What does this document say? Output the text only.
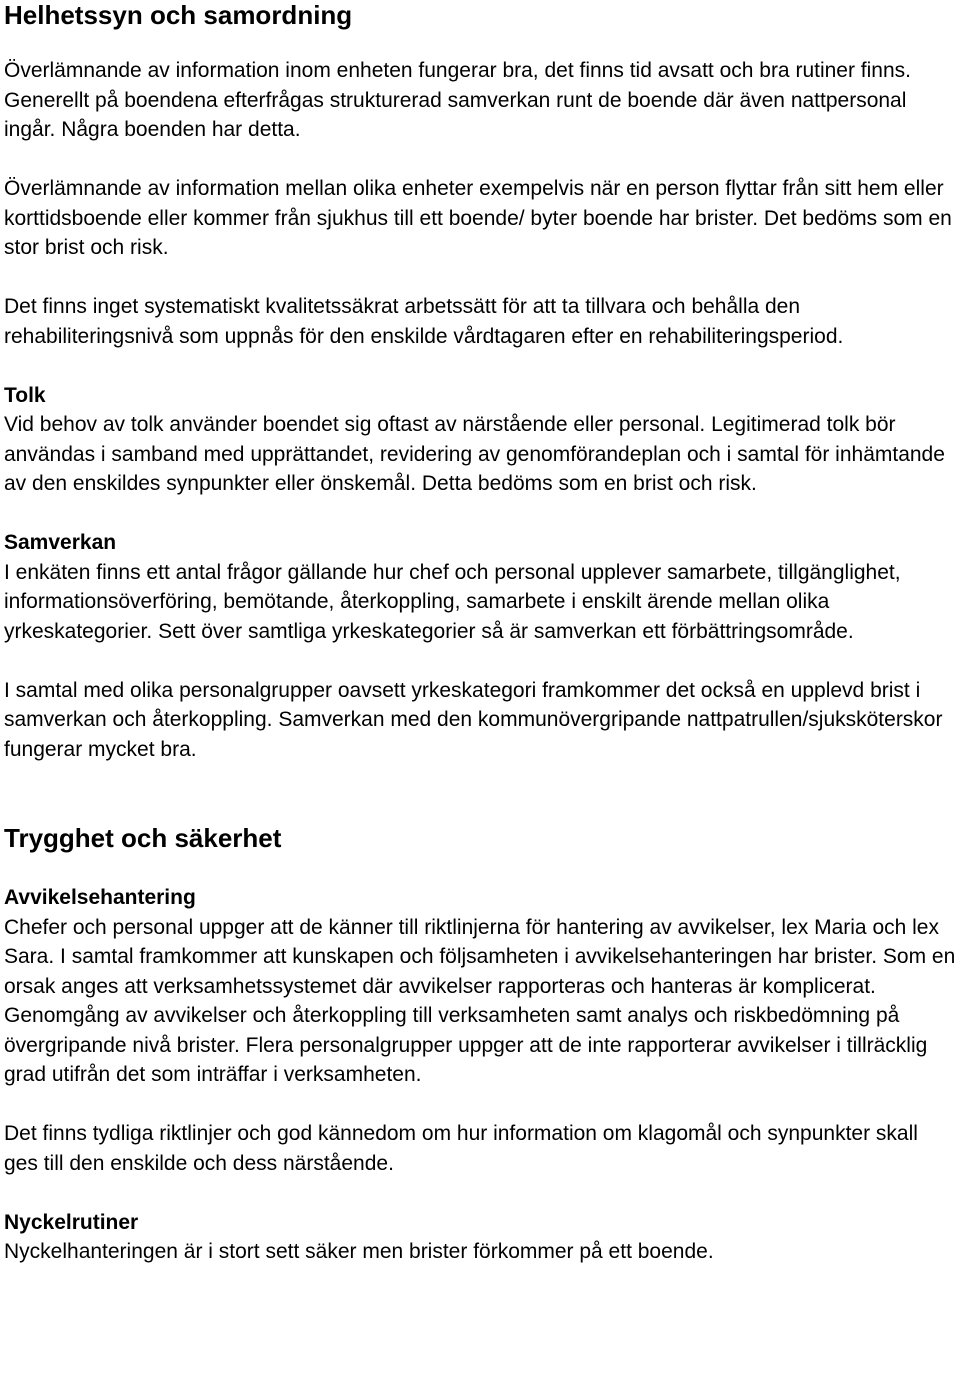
Helhetssyn och samordning

Överlämnande av information inom enheten fungerar bra, det finns tid avsatt och bra rutiner finns. Generellt på boendena efterfrågas strukturerad samverkan runt de boende där även nattpersonal ingår. Några boenden har detta.

Överlämnande av information mellan olika enheter exempelvis när en person flyttar från sitt hem eller korttidsboende eller kommer från sjukhus till ett boende/ byter boende har brister. Det bedöms som en stor brist och risk.

Det finns inget systematiskt kvalitetssäkrat arbetssätt för att ta tillvara och behålla den rehabiliteringsnivå som uppnås för den enskilde vårdtagaren efter en rehabiliteringsperiod.

Tolk

Vid behov av tolk använder boendet sig oftast av närstående eller personal. Legitimerad tolk bör användas i samband med upprättandet, revidering av genomförandeplan och i samtal för inhämtande av den enskildes synpunkter eller önskemål. Detta bedöms som en brist och risk.

Samverkan

I enkäten finns ett antal frågor gällande hur chef och personal upplever samarbete, tillgänglighet, informationsöverföring, bemötande, återkoppling, samarbete i enskilt ärende mellan olika yrkeskategorier. Sett över samtliga yrkeskategorier så är samverkan ett förbättringsområde.

I samtal med olika personalgrupper oavsett yrkeskategori framkommer det också en upplevd brist i samverkan och återkoppling. Samverkan med den kommunövergripande nattpatrullen/sjuksköterskor fungerar mycket bra.

Trygghet och säkerhet
Avvikelsehantering

Chefer och personal uppger att de känner till riktlinjerna för hantering av avvikelser, lex Maria och lex Sara. I samtal framkommer att kunskapen och följsamheten i avvikelsehanteringen har brister. Som en orsak anges att verksamhetssystemet där avvikelser rapporteras och hanteras är komplicerat. Genomgång av avvikelser och återkoppling till verksamheten samt analys och riskbedömning på övergripande nivå brister. Flera personalgrupper uppger att de inte rapporterar avvikelser i tillräcklig grad utifrån det som inträffar i verksamheten.

Det finns tydliga riktlinjer och god kännedom om hur information om klagomål och synpunkter skall ges till den enskilde och dess närstående.

Nyckelrutiner

Nyckelhanteringen är i stort sett säker men brister förkommer på ett boende.
